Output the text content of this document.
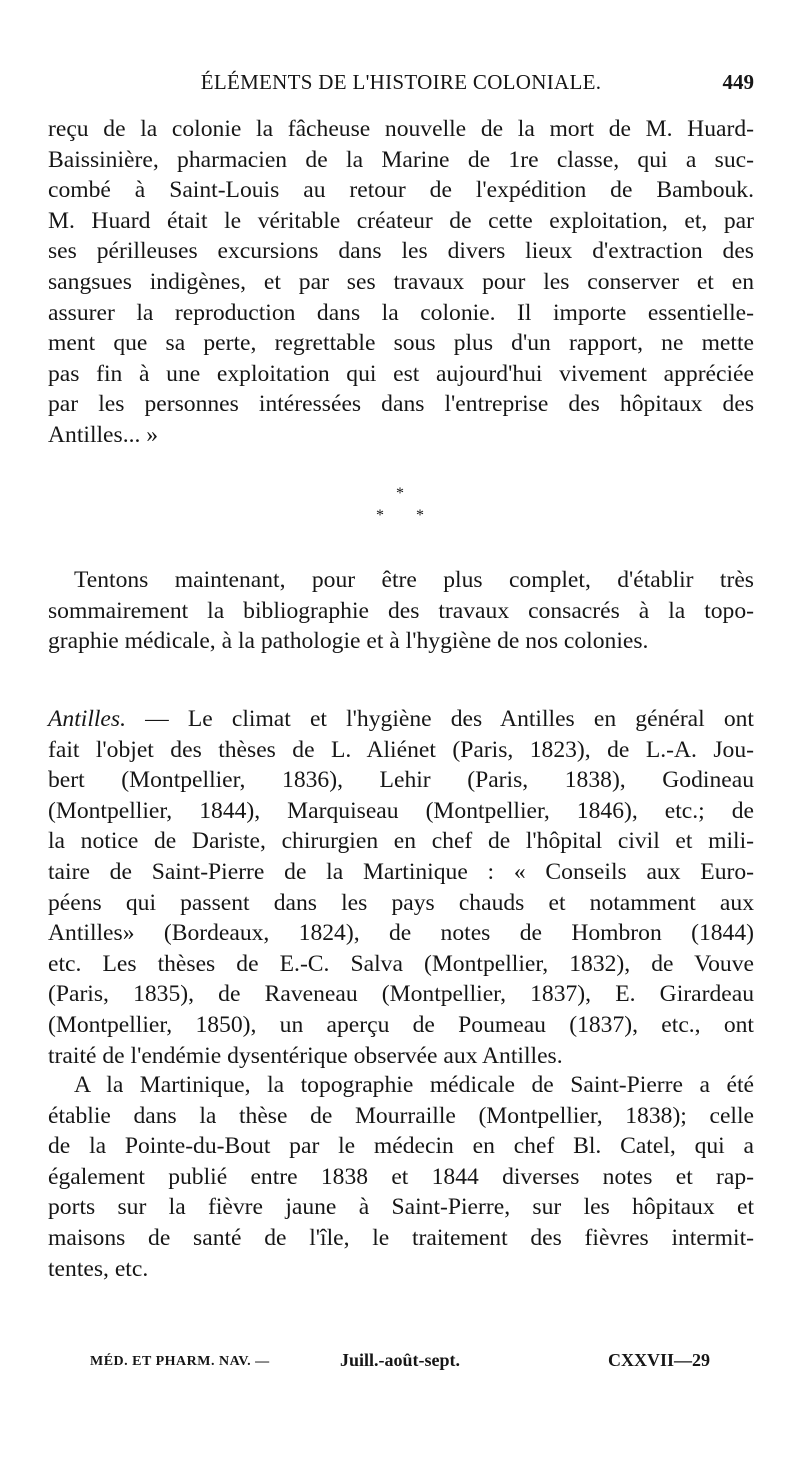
ÉLÉMENTS DE L'HISTOIRE COLONIALE.	449

reçu de la colonie la fâcheuse nouvelle de la mort de M. Huard-
Baissinière, pharmacien de la Marine de 1re classe, qui a suc-
combé à Saint-Louis au retour de l'expédition de Bambouk.
M. Huard était le véritable créateur de cette exploitation, et, par
ses périlleuses excursions dans les divers lieux d'extraction des
sangsues indigènes, et par ses travaux pour les conserver et en
assurer la reproduction dans la colonie. Il importe essentielle-
ment que sa perte, regrettable sous plus d'un rapport, ne mette
pas fin à une exploitation qui est aujourd'hui vivement appréciée
par les personnes intéressées dans l'entreprise des hôpitaux des
Antilles... »

*
* *

Tentons maintenant, pour être plus complet, d'établir très
sommairement la bibliographie des travaux consacrés à la topo-
graphie médicale, à la pathologie et à l'hygiène de nos colonies.

Antilles. — Le climat et l'hygiène des Antilles en général ont
fait l'objet des thèses de L. Aliénet (Paris, 1823), de L.-A. Jou-
bert (Montpellier, 1836), Lehir (Paris, 1838), Godineau
(Montpellier, 1844), Marquiseau (Montpellier, 1846), etc.; de
la notice de Dariste, chirurgien en chef de l'hôpital civil et mili-
taire de Saint-Pierre de la Martinique : « Conseils aux Euro-
péens qui passent dans les pays chauds et notamment aux
Antilles» (Bordeaux, 1824), de notes de Hombron (1844)
etc. Les thèses de E.-C. Salva (Montpellier, 1832), de Vouve
(Paris, 1835), de Raveneau (Montpellier, 1837), E. Girardeau
(Montpellier, 1850), un aperçu de Poumeau (1837), etc., ont
traité de l'endémie dysentérique observée aux Antilles.

A la Martinique, la topographie médicale de Saint-Pierre a été
établie dans la thèse de Mourraille (Montpellier, 1838); celle
de la Pointe-du-Bout par le médecin en chef Bl. Catel, qui a
également publié entre 1838 et 1844 diverses notes et rap-
ports sur la fièvre jaune à Saint-Pierre, sur les hôpitaux et
maisons de santé de l'île, le traitement des fièvres intermit-
tentes, etc.

MÉD. ET PHARM. NAV. —	Juill.-août-sept.	CXXVII—29
